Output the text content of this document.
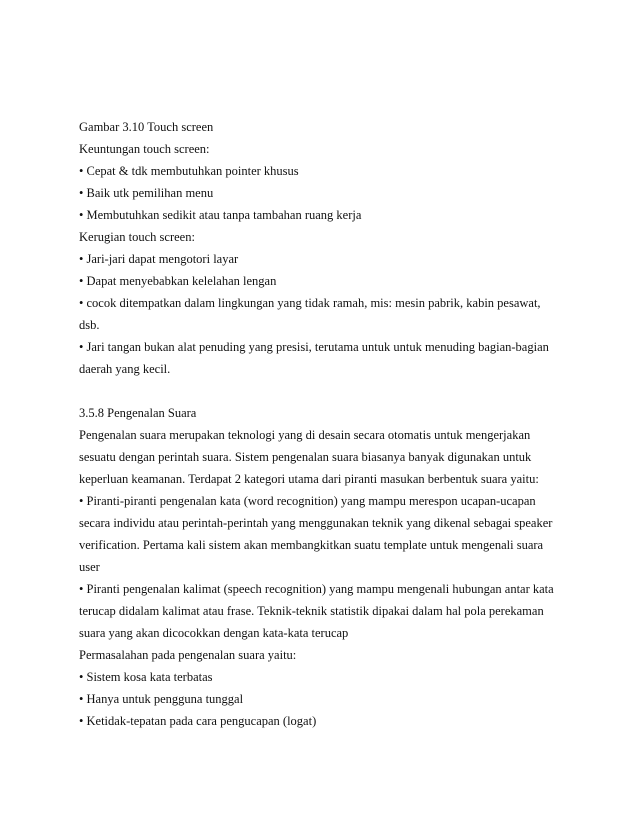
Gambar 3.10 Touch screen
Keuntungan touch screen:
• Cepat & tdk membutuhkan pointer khusus
• Baik utk pemilihan menu
• Membutuhkan sedikit atau tanpa tambahan ruang kerja
Kerugian touch screen:
• Jari-jari dapat mengotori layar
• Dapat menyebabkan kelelahan lengan
• cocok ditempatkan dalam lingkungan yang tidak ramah, mis: mesin pabrik, kabin pesawat,
dsb.
• Jari tangan bukan alat penuding yang presisi, terutama untuk untuk menuding bagian-bagian
daerah yang kecil.
3.5.8 Pengenalan Suara
Pengenalan suara merupakan teknologi yang di desain secara otomatis untuk mengerjakan
sesuatu dengan perintah suara. Sistem pengenalan suara biasanya banyak digunakan untuk
keperluan keamanan. Terdapat 2 kategori utama dari piranti masukan berbentuk suara yaitu:
• Piranti-piranti pengenalan kata (word recognition) yang mampu merespon ucapan-ucapan
secara individu atau perintah-perintah yang menggunakan teknik yang dikenal sebagai speaker
verification. Pertama kali sistem akan membangkitkan suatu template untuk mengenali suara
user
• Piranti pengenalan kalimat (speech recognition) yang mampu mengenali hubungan antar kata
terucap didalam kalimat atau frase. Teknik-teknik statistik dipakai dalam hal pola perekaman
suara yang akan dicocokkan dengan kata-kata terucap
Permasalahan pada pengenalan suara yaitu:
• Sistem kosa kata terbatas
• Hanya untuk pengguna tunggal
• Ketidak-tepatan pada cara pengucapan (logat)
